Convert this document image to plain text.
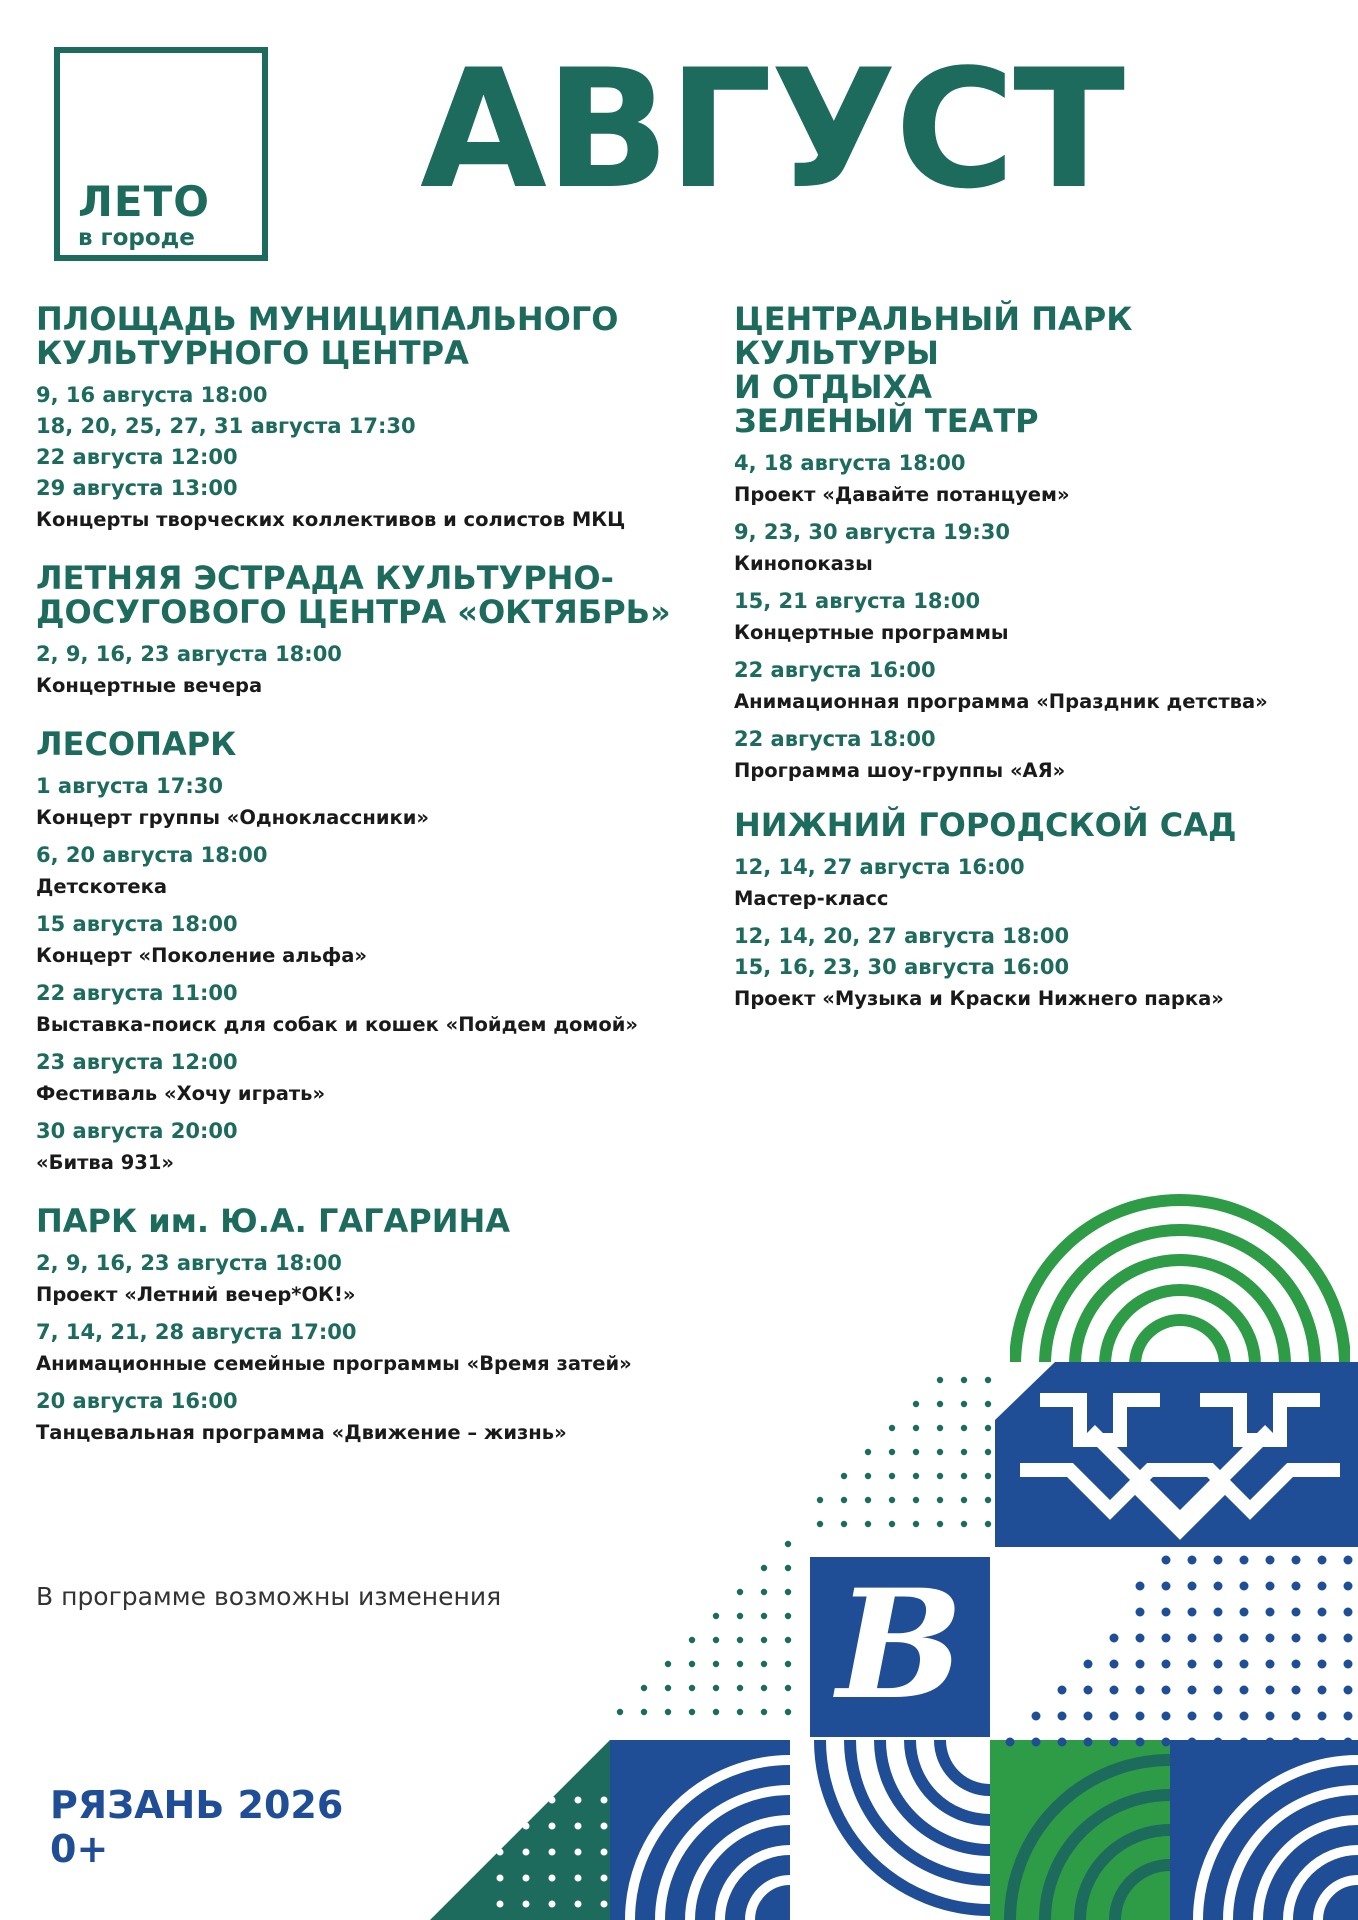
ЛЕТО
в городе
АВГУСТ
ПЛОЩАДЬ МУНИЦИПАЛЬНОГО
КУЛЬТУРНОГО ЦЕНТРА
9, 16 августа 18:00
18, 20, 25, 27, 31 августа 17:30
22 августа 12:00
29 августа 13:00
Концерты творческих коллективов и солистов МКЦ
ЛЕТНЯЯ ЭСТРАДА КУЛЬТУРНО-
ДОСУГОВОГО ЦЕНТРА «ОКТЯБРЬ»
2, 9, 16, 23 августа 18:00
Концертные вечера
ЛЕСОПАРК
1 августа 17:30
Концерт группы «Одноклассники»
6, 20 августа 18:00
Детскотека
15 августа 18:00
Концерт «Поколение альфа»
22 августа 11:00
Выставка-поиск для собак и кошек «Пойдем домой»
23 августа 12:00
Фестиваль «Хочу играть»
30 августа 20:00
«Битва 931»
ПАРК им. Ю.А. ГАГАРИНА
2, 9, 16, 23 августа 18:00
Проект «Летний вечер*ОК!»
7, 14, 21, 28 августа 17:00
Анимационные семейные программы «Время затей»
20 августа 16:00
Танцевальная программа «Движение – жизнь»
ЦЕНТРАЛЬНЫЙ ПАРК КУЛЬТУРЫ
И ОТДЫХА
ЗЕЛЕНЫЙ ТЕАТР
4, 18 августа 18:00
Проект «Давайте потанцуем»
9, 23, 30 августа 19:30
Кинопоказы
15, 21 августа 18:00
Концертные программы
22 августа 16:00
Анимационная программа «Праздник детства»
22 августа 18:00
Программа шоу-группы «АЯ»
НИЖНИЙ ГОРОДСКОЙ САД
12, 14, 27 августа 16:00
Мастер-класс
12, 14, 20, 27 августа 18:00
15, 16, 23, 30 августа 16:00
Проект «Музыка и Краски Нижнего парка»
В программе возможны изменения
РЯЗАНЬ 2026
0+
B
